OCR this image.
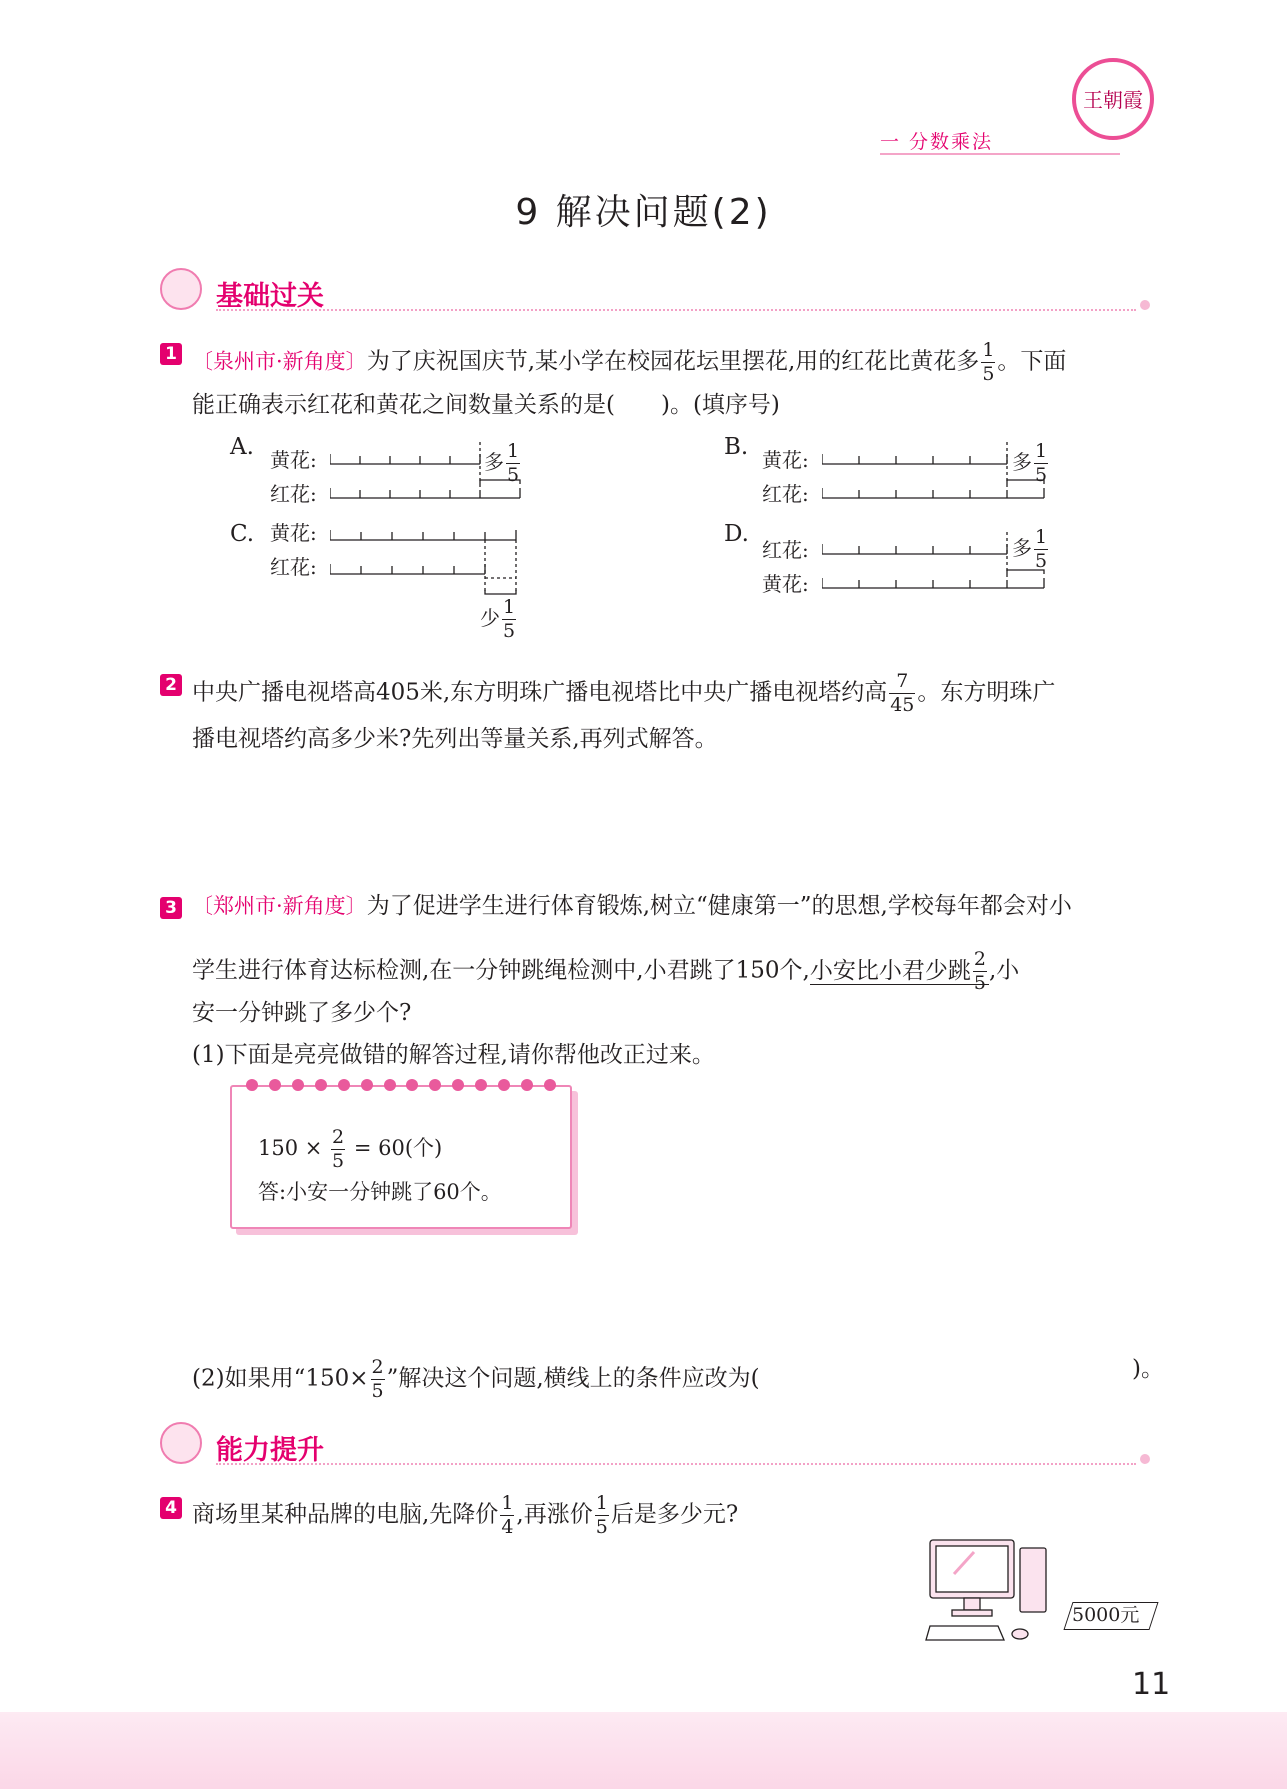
王朝霞
一 分数乘法
9 解决问题(2)
基础过关
1 〔泉州市·新角度〕为了庆祝国庆节,某小学在校园花坛里摆花,用的红花比黄花多 $\frac{1}{5}$ 。下面
能正确表示红花和黄花之间数量关系的是(　　)。(填序号)
A. 黄花:
红花:
多 $\frac{1}{5}$	B. 黄花:
红花:
多 $\frac{1}{5}$
C. 黄花:
红花:
少 $\frac{1}{5}$
D.
红花:
黄花:
多 $\frac{1}{5}$
2 中央广播电视塔高405米,东方明珠广播电视塔比中央广播电视塔约高 $\frac{7}{45}$ 。东方明珠广
播电视塔约高多少米?先列出等量关系,再列式解答。
3 〔郑州市·新角度〕为了促进学生进行体育锻炼,树立“健康第一”的思想,学校每年都会对小
学生进行体育达标检测,在一分钟跳绳检测中,小君跳了150个,小安比小君少跳 $\frac{2}{5}$ ,小
安一分钟跳了多少个?
(1)下面是亮亮做错的解答过程,请你帮他改正过来。
$150 \times \frac{2}{5} = 60$(个)
答:小安一分钟跳了60个。
(2)如果用“$150\times \frac{2}{5}$ ”解决这个问题,横线上的条件应改为(	)。
能力提升
4 商场里某种品牌的电脑,先降价 $\frac{1}{4}$ ,再涨价 $\frac{1}{5}$ 后是多少元?
5000元
11
